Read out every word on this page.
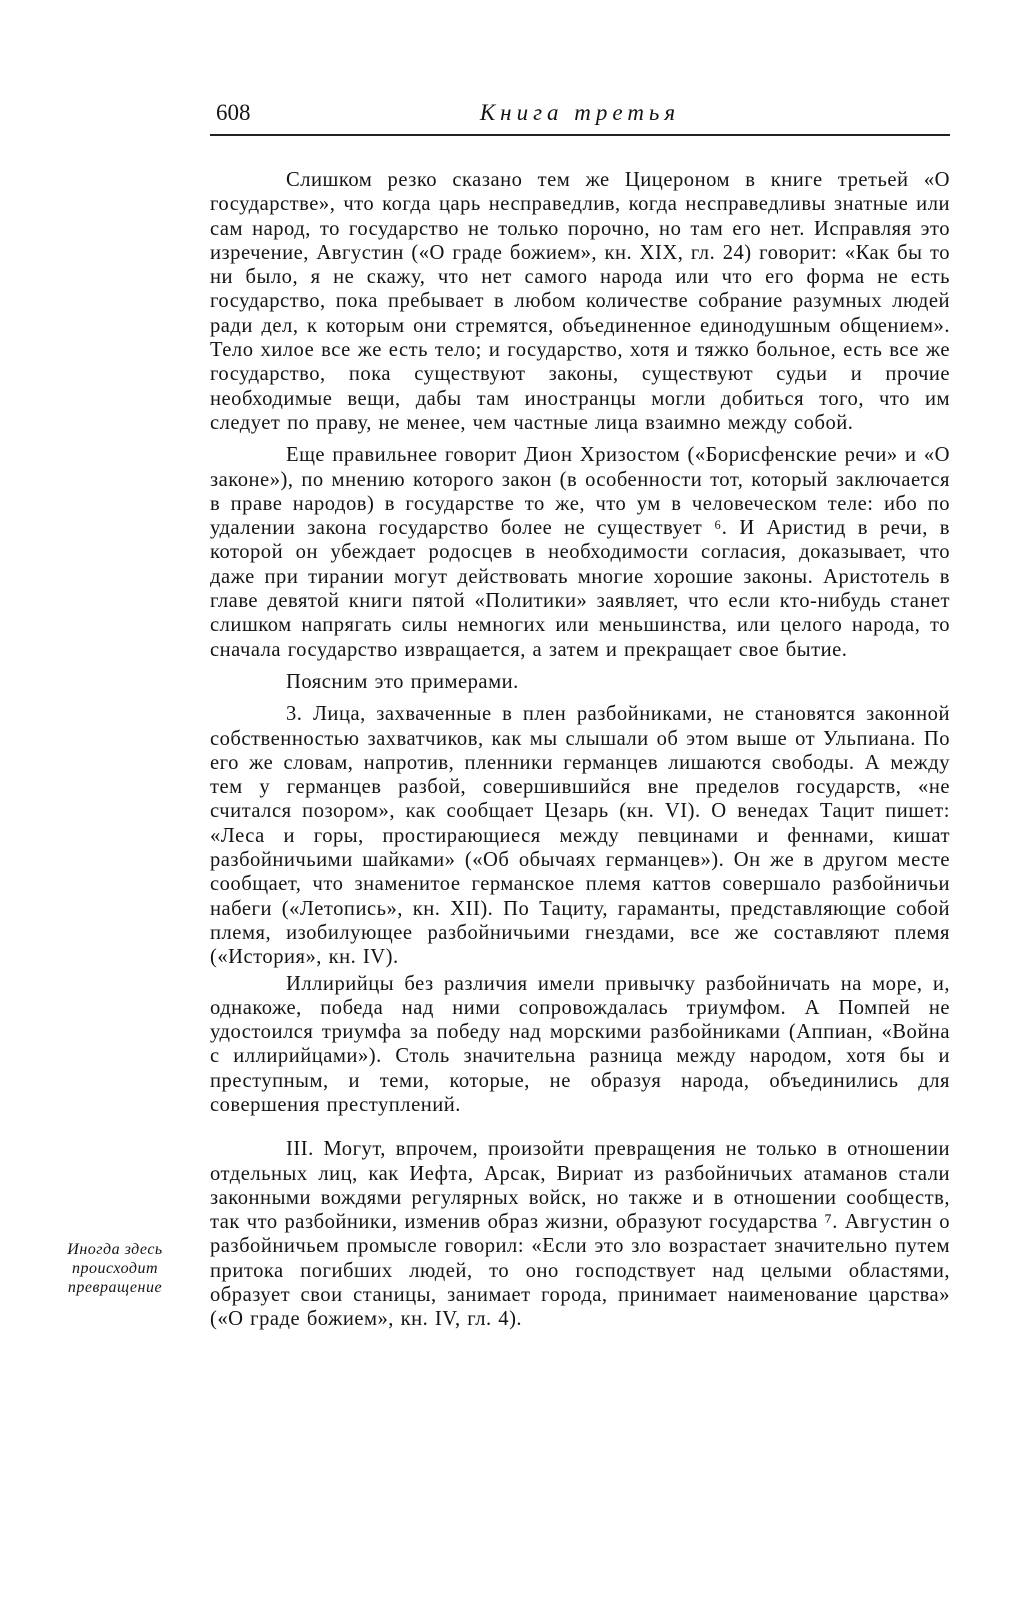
608	Книга третья

Слишком резко сказано тем же Цицероном в книге третьей «О государстве», что когда царь несправедлив, когда несправедливы знатные или сам народ, то государство не только порочно, но там его нет. Исправляя это изречение, Августин («О граде божием», кн. XIX, гл. 24) говорит: «Как бы то ни было, я не скажу, что нет самого народа или что его форма не есть государство, пока пребывает в любом количестве собрание разумных людей ради дел, к которым они стремятся, объединенное единодушным общением». Тело хилое все же есть тело; и государство, хотя и тяжко больное, есть все же государство, пока существуют законы, существуют судьи и прочие необходимые вещи, дабы там иностранцы могли добиться того, что им следует по праву, не менее, чем частные лица взаимно между собой.

Еще правильнее говорит Дион Хризостом («Борисфенские речи» и «О законе»), по мнению которого закон (в особенности тот, который заключается в праве народов) в государстве то же, что ум в человеческом теле: ибо по удалении закона государство более не существует ⁶. И Аристид в речи, в которой он убеждает родосцев в необходимости согласия, доказывает, что даже при тирании могут действовать многие хорошие законы. Аристотель в главе девятой книги пятой «Политики» заявляет, что если кто-нибудь станет слишком напрягать силы немногих или меньшинства, или целого народа, то сначала государство извращается, а затем и прекращает свое бытие.

Поясним это примерами.

3. Лица, захваченные в плен разбойниками, не становятся законной собственностью захватчиков, как мы слышали об этом выше от Ульпиана. По его же словам, напротив, пленники германцев лишаются свободы. А между тем у германцев разбой, совершившийся вне пределов государств, «не считался позором», как сообщает Цезарь (кн. VI). О венедах Тацит пишет: «Леса и горы, простирающиеся между певцинами и феннами, кишат разбойничьими шайками» («Об обычаях германцев»). Он же в другом месте сообщает, что знаменитое германское племя каттов совершало разбойничьи набеги («Летопись», кн. XII). По Тациту, гараманты, представляющие собой племя, изобилующее разбойничьими гнездами, все же составляют племя («История», кн. IV).

Иллирийцы без различия имели привычку разбойничать на море, и, однакоже, победа над ними сопровождалась триумфом. А Помпей не удостоился триумфа за победу над морскими разбойниками (Аппиан, «Война с иллирийцами»). Столь значительна разница между народом, хотя бы и преступным, и теми, которые, не образуя народа, объединились для совершения преступлений.

III. Могут, впрочем, произойти превращения не только в отношении отдельных лиц, как Иефта, Арсак, Вириат из разбойничьих атаманов стали законными вождями регулярных войск, но также и в отношении сообществ, так что разбойники, изменив образ жизни, образуют государства ⁷. Августин о разбойничьем промысле говорил: «Если это зло возрастает значительно путем притока погибших людей, то оно господствует над целыми областями, образует свои станицы, занимает города, принимает наименование царства» («О граде божием», кн. IV, гл. 4).

Иногда здесь происходит превращение
